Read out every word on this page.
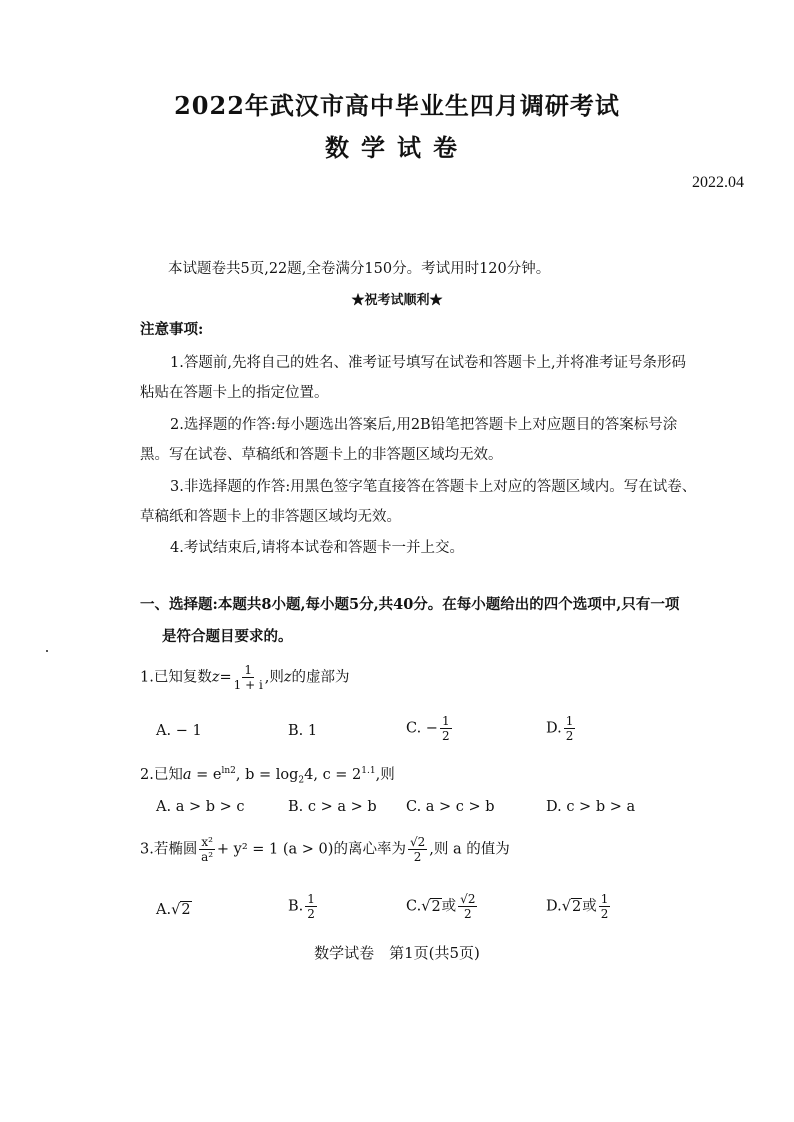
2022年武汉市高中毕业生四月调研考试
数学试卷
2022.04
本试题卷共5页,22题,全卷满分150分。考试用时120分钟。
★祝考试顺利★
注意事项:
1.答题前,先将自己的姓名、准考证号填写在试卷和答题卡上,并将准考证号条形码
粘贴在答题卡上的指定位置。
2.选择题的作答:每小题选出答案后,用2B铅笔把答题卡上对应题目的答案标号涂
黑。写在试卷、草稿纸和答题卡上的非答题区域均无效。
3.非选择题的作答:用黑色签字笔直接答在答题卡上对应的答题区域内。写在试卷、
草稿纸和答题卡上的非答题区域均无效。
4.考试结束后,请将本试卷和答题卡一并上交。
一、选择题:本题共8小题,每小题5分,共40分。在每小题给出的四个选项中,只有一项
是符合题目要求的。
1.已知复数$z= \frac{1}{1 + i}$ ,则z的虚部为
A. − 1	B. 1	C. − $\frac{1}{2}$	D. $\frac{1}{2}$
2.已知$a = e^{ln2}$, $b = \log_24$, $c = 2^{1.1}$,则
A. a > b > c	B. c > a > b C. a > c > b	D. c > b > a
3.若椭圆 $\frac{\text{x²}}{\text{a²}} + y^2 = 1$ (a > 0)的离心率为 $\frac{√2}{2}$ ,则 a 的值为
A.√2	B. $\frac{1}{2}$	C.√2或 $\frac{√2}{2}$	D.√2或 $\frac{1}{2}$
数学试卷　第1页(共5页)
